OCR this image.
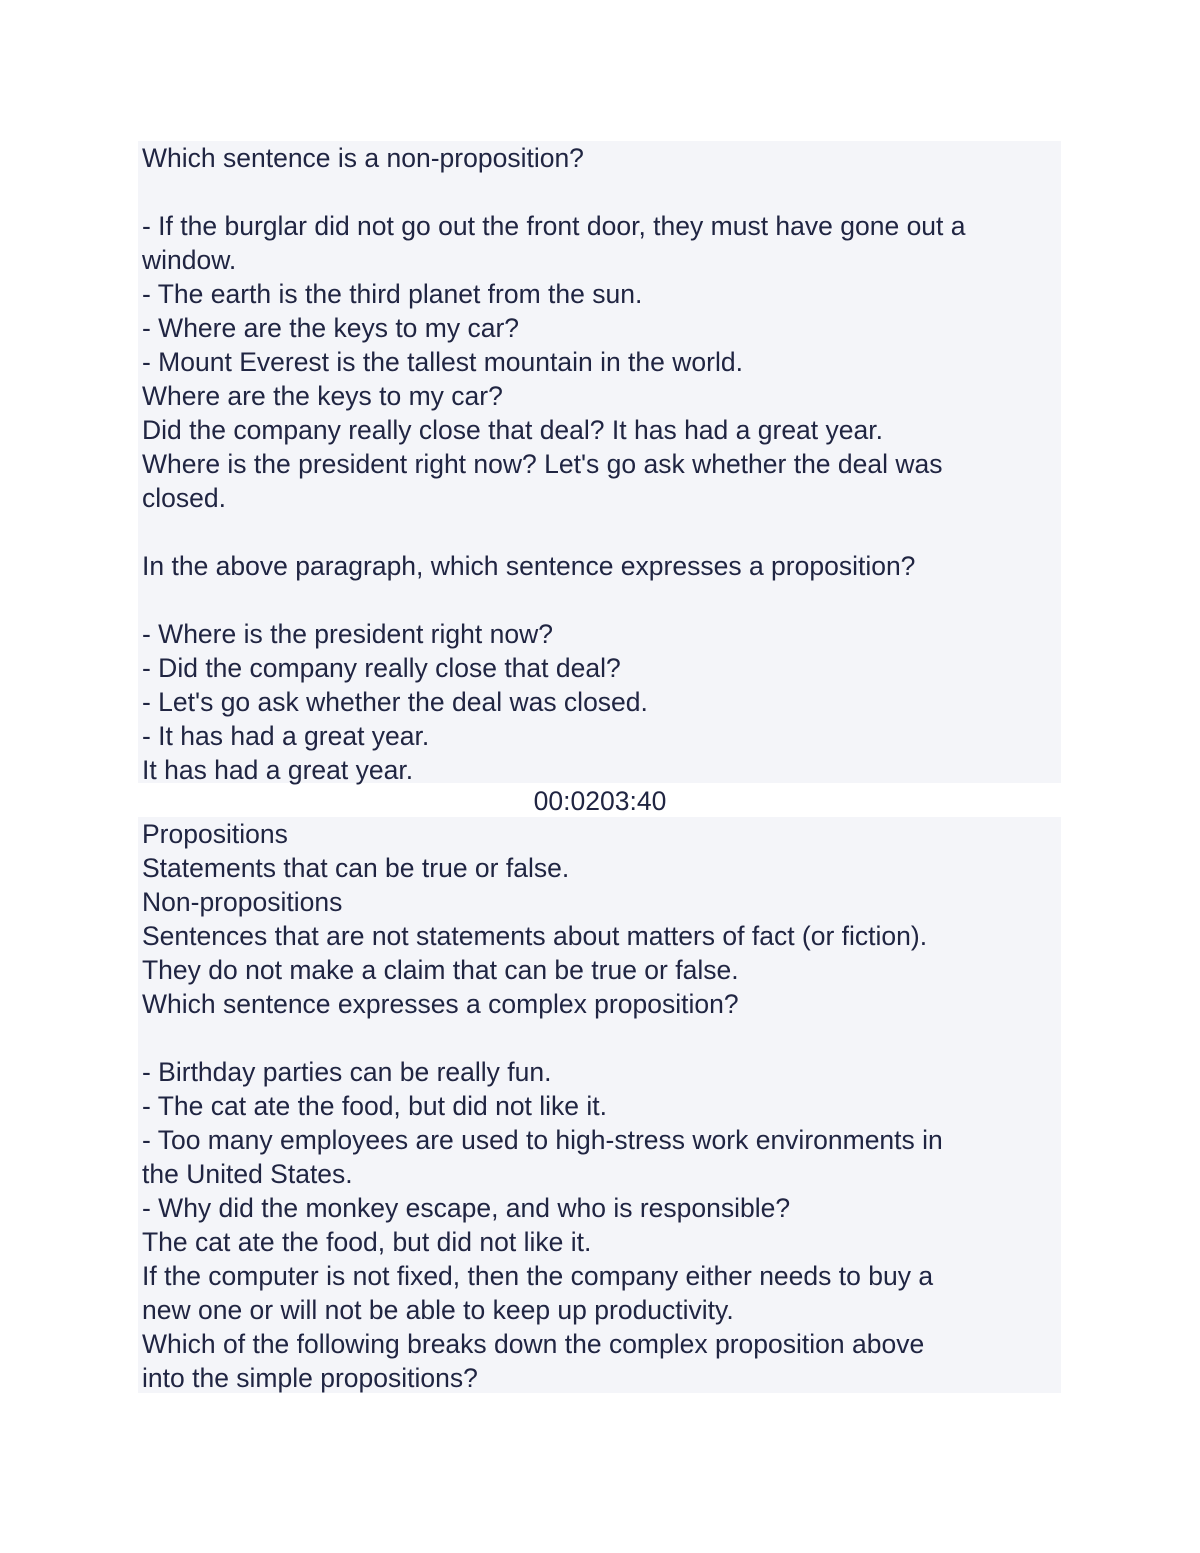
Which sentence is a non-proposition?
- If the burglar did not go out the front door, they must have gone out a
window.
- The earth is the third planet from the sun.
- Where are the keys to my car?
- Mount Everest is the tallest mountain in the world.
Where are the keys to my car?
Did the company really close that deal? It has had a great year.
Where is the president right now? Let's go ask whether the deal was
closed.
In the above paragraph, which sentence expresses a proposition?
- Where is the president right now?
- Did the company really close that deal?
- Let's go ask whether the deal was closed.
- It has had a great year.
It has had a great year.
00:0203:40
Propositions
Statements that can be true or false.
Non-propositions
Sentences that are not statements about matters of fact (or fiction).
They do not make a claim that can be true or false.
Which sentence expresses a complex proposition?
- Birthday parties can be really fun.
- The cat ate the food, but did not like it.
- Too many employees are used to high-stress work environments in
the United States.
- Why did the monkey escape, and who is responsible?
The cat ate the food, but did not like it.
If the computer is not fixed, then the company either needs to buy a
new one or will not be able to keep up productivity.
Which of the following breaks down the complex proposition above
into the simple propositions?
